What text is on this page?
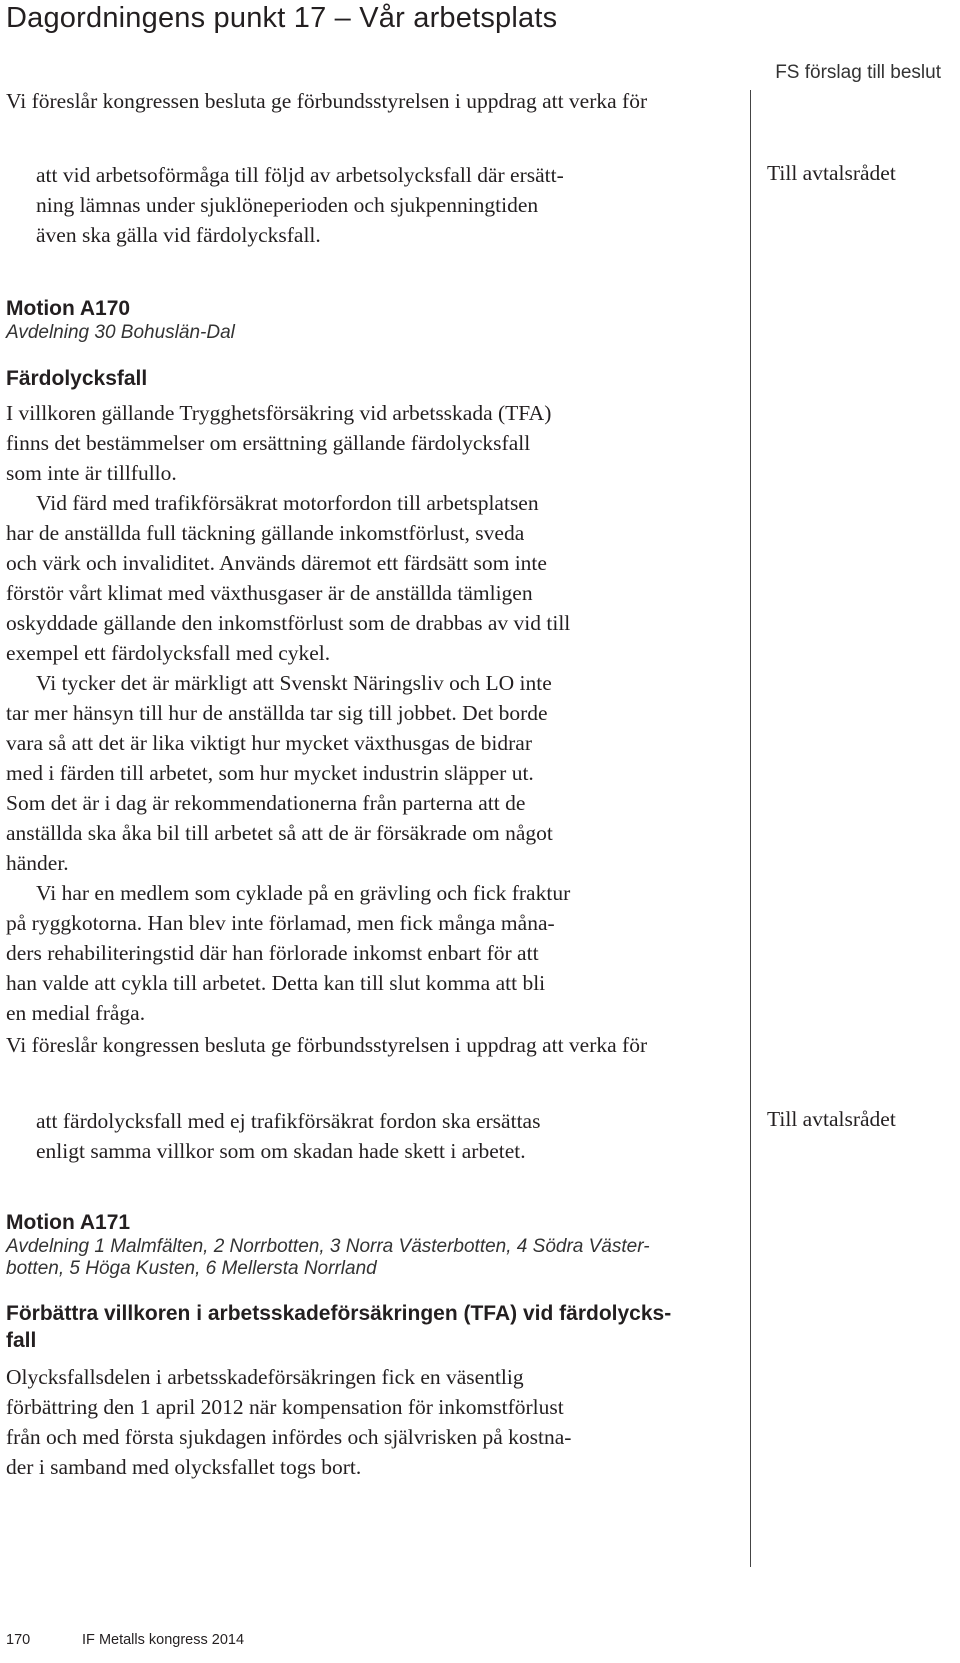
Dagordningens punkt 17 – Vår arbetsplats
FS förslag till beslut

Vi föreslår kongressen besluta ge förbundsstyrelsen i uppdrag att verka för

att vid arbetsoförmåga till följd av arbetsolycksfall där ersätt-
ning lämnas under sjuklöneperioden och sjukpenningtiden
även ska gälla vid färdolycksfall.
Till avtalsrådet

Motion A170

Avdelning 30 Bohuslän-Dal

Färdolycksfall

I villkoren gällande Trygghetsförsäkring vid arbetsskada (TFA)
finns det bestämmelser om ersättning gällande färdolycksfall
som inte är tillfullo.
Vid färd med trafikförsäkrat motorfordon till arbetsplatsen
har de anställda full täckning gällande inkomstförlust, sveda
och värk och invaliditet. Används däremot ett färdsätt som inte
förstör vårt klimat med växthusgaser är de anställda tämligen
oskyddade gällande den inkomstförlust som de drabbas av vid till
exempel ett färdolycksfall med cykel.
Vi tycker det är märkligt att Svenskt Näringsliv och LO inte
tar mer hänsyn till hur de anställda tar sig till jobbet. Det borde
vara så att det är lika viktigt hur mycket växthusgas de bidrar
med i färden till arbetet, som hur mycket industrin släpper ut.
Som det är i dag är rekommendationerna från parterna att de
anställda ska åka bil till arbetet så att de är försäkrade om något
händer.
Vi har en medlem som cyklade på en grävling och fick fraktur
på ryggkotorna. Han blev inte förlamad, men fick många måna-
ders rehabiliteringstid där han förlorade inkomst enbart för att
han valde att cykla till arbetet. Detta kan till slut komma att bli
en medial fråga.

Vi föreslår kongressen besluta ge förbundsstyrelsen i uppdrag att verka för

att färdolycksfall med ej trafikförsäkrat fordon ska ersättas
enligt samma villkor som om skadan hade skett i arbetet.
Till avtalsrådet

Motion A171

Avdelning 1 Malmfälten, 2 Norrbotten, 3 Norra Västerbotten, 4 Södra Väster-

botten, 5 Höga Kusten, 6 Mellersta Norrland

Förbättra villkoren i arbetsskadeförsäkringen (TFA) vid färdolycks-
fall
Olycksfallsdelen i arbetsskadeförsäkringen fick en väsentlig
förbättring den 1 april 2012 när kompensation för inkomstförlust
från och med första sjukdagen infördes och självrisken på kostna-
der i samband med olycksfallet togs bort.
170	IF Metalls kongress 2014
